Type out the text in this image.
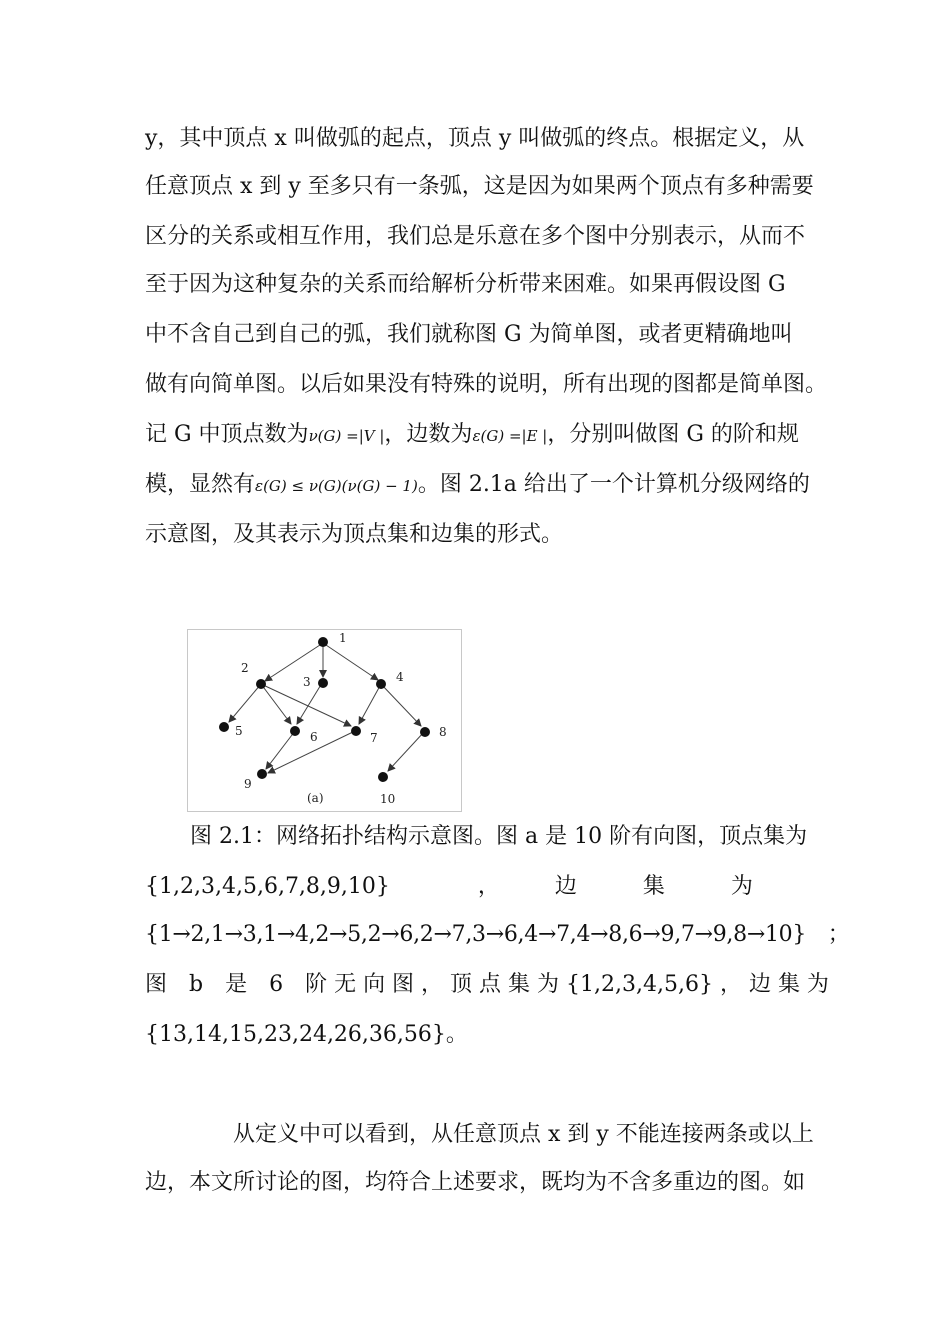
y，其中顶点 x 叫做弧的起点，顶点 y 叫做弧的终点。根据定义，从
任意顶点 x 到 y 至多只有一条弧，这是因为如果两个顶点有多种需要
区分的关系或相互作用，我们总是乐意在多个图中分别表示，从而不
至于因为这种复杂的关系而给解析分析带来困难。如果再假设图 G
中不含自己到自己的弧，我们就称图 G 为简单图，或者更精确地叫
做有向简单图。以后如果没有特殊的说明，所有出现的图都是简单图。
记 G 中顶点数为ν(G) =|V |，边数为ε(G) =|E |，分别叫做图 G 的阶和规
模，显然有ε(G) ≤ ν(G)(ν(G) − 1)。图 2.1a 给出了一个计算机分级网络的
示意图，及其表示为顶点集和边集的形式。
1
2
3	4
5	6	7	8
9
10
(a)
图 2.1：网络拓扑结构示意图。图 a 是 10 阶有向图，顶点集为
{1,2,3,4,5,6,7,8,9,10}　　　　，　　　边　　　集　　　为
{1→2,1→3,1→4,2→5,2→6,2→7,3→6,4→7,4→8,6→9,7→9,8→10}　；
图　b　是　6　阶 无 向 图 ， 顶 点 集 为 {1,2,3,4,5,6} ， 边 集 为
{13,14,15,23,24,26,36,56}。
从定义中可以看到，从任意顶点 x 到 y 不能连接两条或以上
边，本文所讨论的图，均符合上述要求，既均为不含多重边的图。如
